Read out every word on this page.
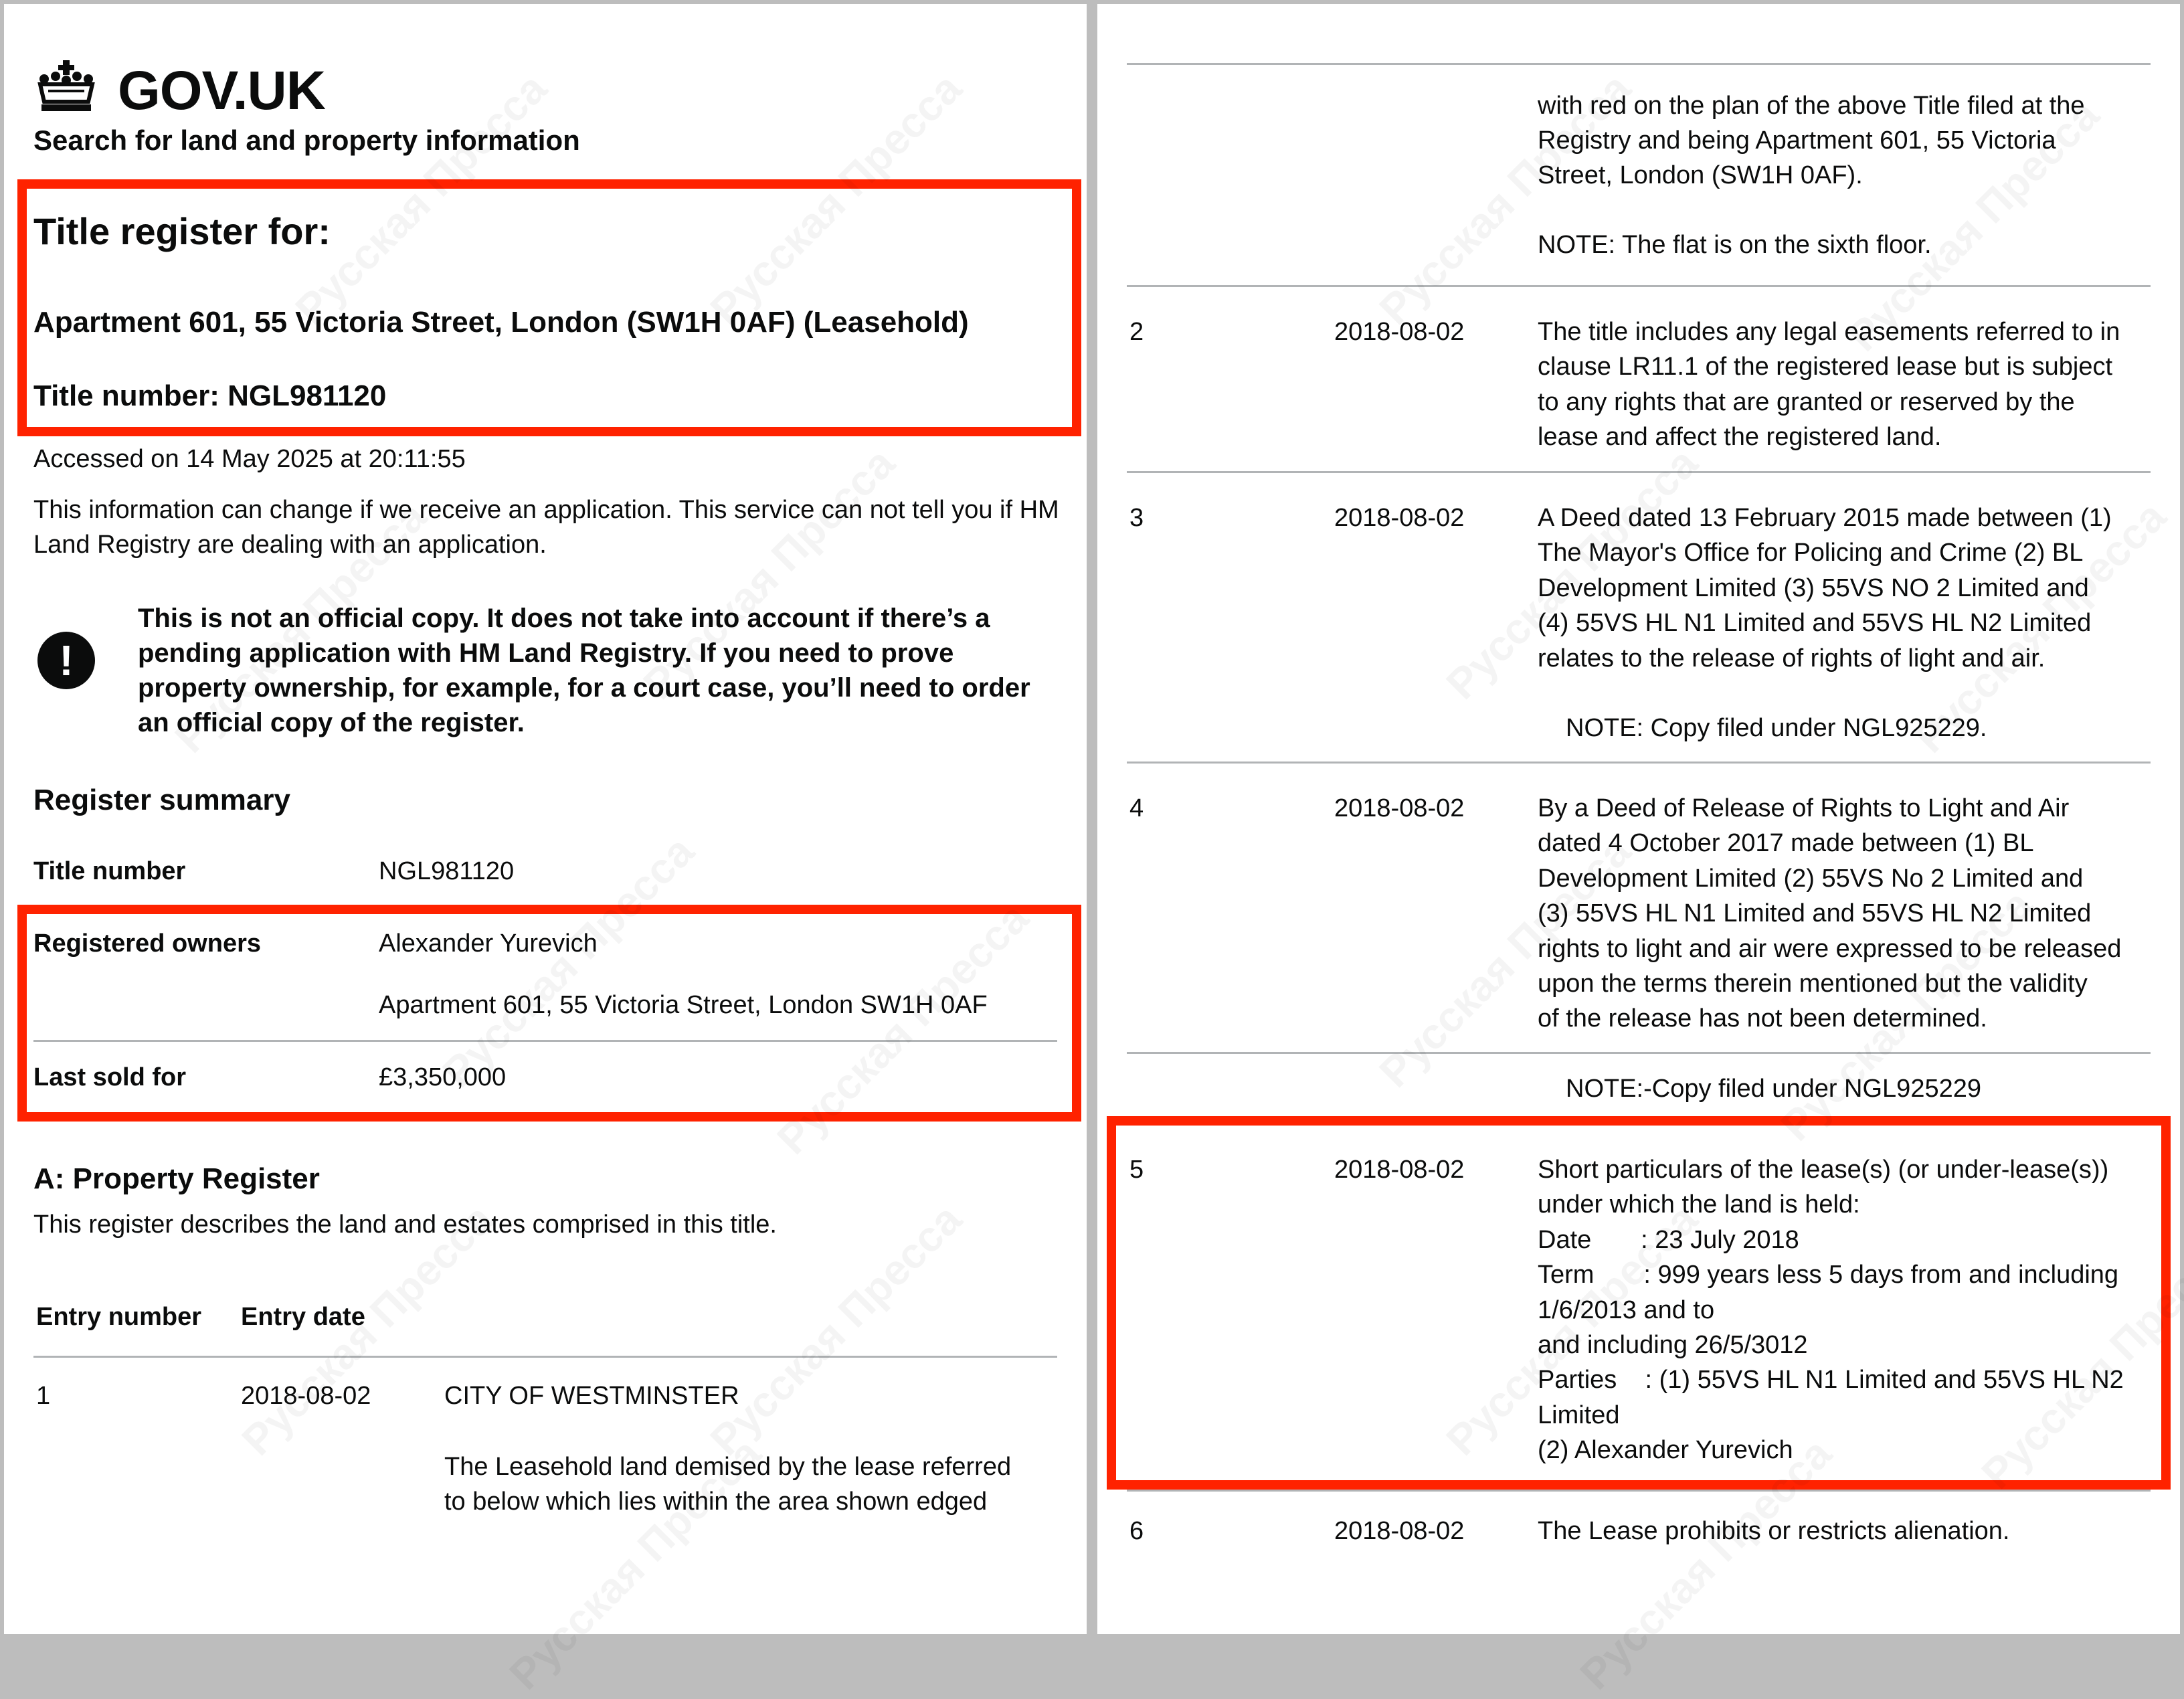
GOV.UK

Search for land and property information

Title register for:

Apartment 601, 55 Victoria Street, London (SW1H 0AF) (Leasehold)

Title number: NGL981120

Accessed on 14 May 2025 at 20:11:55

This information can change if we receive an application. This service can not tell you if HM Land Registry are dealing with an application.

!

This is not an official copy. It does not take into account if there’s a pending application with HM Land Registry. If you need to prove property ownership, for example, for a court case, you’ll need to order an official copy of the register.

Register summary

Title number	NGL981120

Registered owners	Alexander Yurevich

Apartment 601, 55 Victoria Street, London SW1H 0AF

Last sold for	£3,350,000

A: Property Register

This register describes the land and estates comprised in this title.

Entry number Entry date

1	2018-08-02	CITY OF WESTMINSTER

The Leasehold land demised by the lease referred

to below which lies within the area shown edged

with red on the plan of the above Title filed at the

Registry and being Apartment 601, 55 Victoria

Street, London (SW1H 0AF).

NOTE: The flat is on the sixth floor.

2	2018-08-02	The title includes any legal easements referred to in

clause LR11.1 of the registered lease but is subject

to any rights that are granted or reserved by the

lease and affect the registered land.

3	2018-08-02	A Deed dated 13 February 2015 made between (1)

The Mayor's Office for Policing and Crime (2) BL

Development Limited (3) 55VS NO 2 Limited and

(4) 55VS HL N1 Limited and 55VS HL N2 Limited

relates to the release of rights of light and air.

NOTE: Copy filed under NGL925229.

4	2018-08-02	By a Deed of Release of Rights to Light and Air

dated 4 October 2017 made between (1) BL

Development Limited (2) 55VS No 2 Limited and

(3) 55VS HL N1 Limited and 55VS HL N2 Limited

rights to light and air were expressed to be released

upon the terms therein mentioned but the validity

of the release has not been determined.

NOTE:-Copy filed under NGL925229

5	2018-08-02	Short particulars of the lease(s) (or under-lease(s))

under which the land is held:

Date       : 23 July 2018

Term       : 999 years less 5 days from and including

1/6/2013 and to

and including 26/5/3012

Parties    : (1) 55VS HL N1 Limited and 55VS HL N2

Limited

(2) Alexander Yurevich

6	2018-08-02	The Lease prohibits or restricts alienation.
